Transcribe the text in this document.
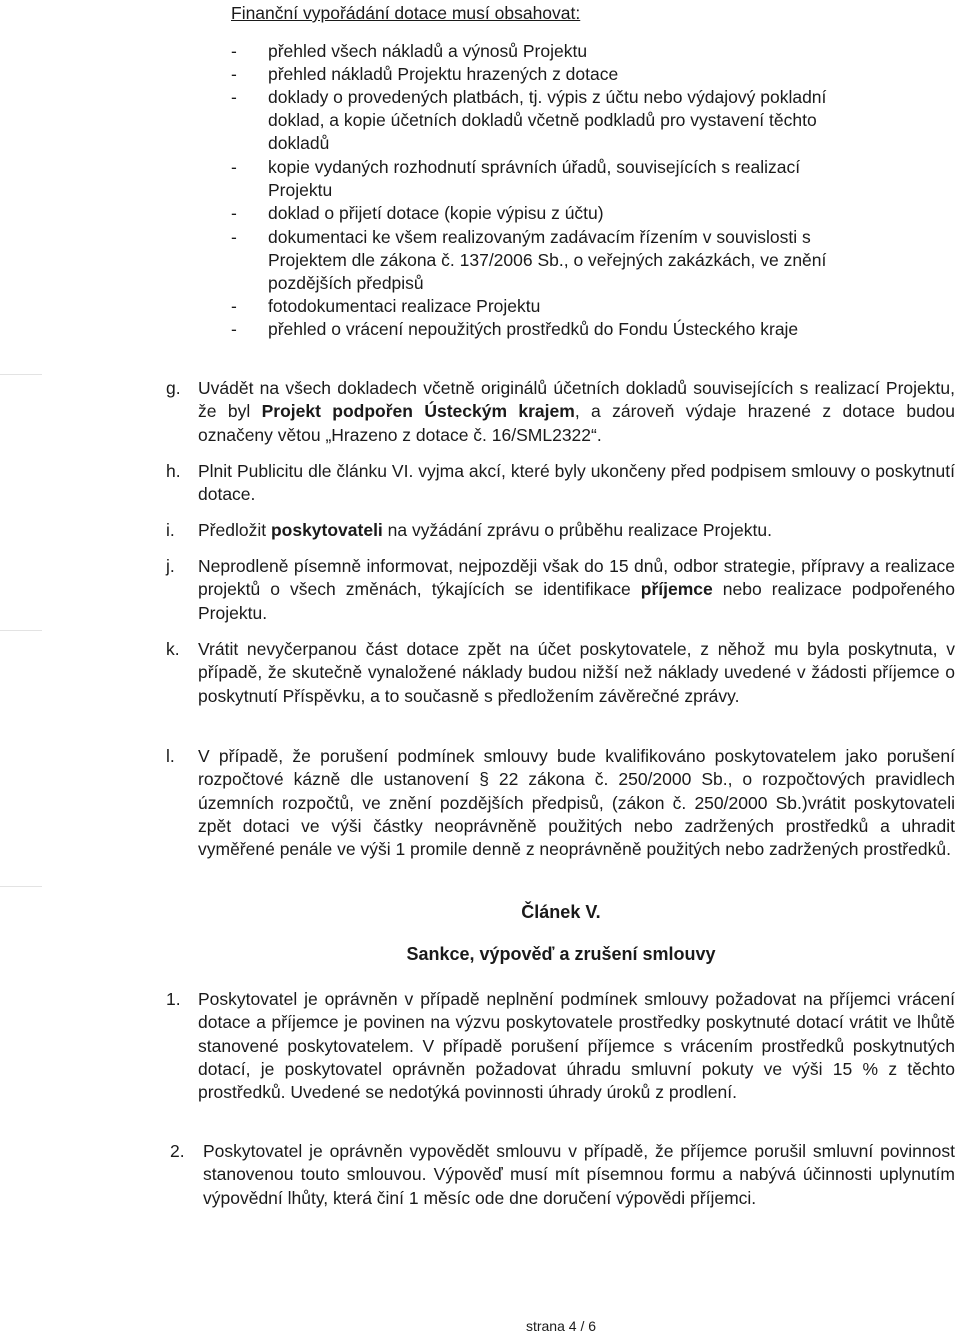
Finanční vypořádání dotace musí obsahovat:
- přehled všech nákladů a výnosů Projektu
- přehled nákladů Projektu hrazených z dotace
- doklady o provedených platbách, tj. výpis z účtu nebo výdajový pokladní
doklad, a kopie účetních dokladů včetně podkladů pro vystavení těchto
dokladů
- kopie vydaných rozhodnutí správních úřadů, souvisejících s realizací
Projektu
- doklad o přijetí dotace (kopie výpisu z účtu)
- dokumentaci ke všem realizovaným zadávacím řízením v souvislosti s
Projektem dle zákona č. 137/2006 Sb., o veřejných zakázkách, ve znění
pozdějších předpisů
- fotodokumentaci realizace Projektu
- přehled o vrácení nepoužitých prostředků do Fondu Ústeckého kraje
g. Uvádět na všech dokladech včetně originálů účetních dokladů souvisejících s realizací Projektu, že byl Projekt podpořen Ústeckým krajem, a zároveň výdaje hrazené z dotace budou označeny větou „Hrazeno z dotace č. 16/SML2322“.
h. Plnit Publicitu dle článku VI. vyjma akcí, které byly ukončeny před podpisem smlouvy o poskytnutí dotace.
i. Předložit poskytovateli na vyžádání zprávu o průběhu realizace Projektu.
j. Neprodleně písemně informovat, nejpozději však do 15 dnů, odbor strategie, přípravy a realizace projektů o všech změnách, týkajících se identifikace příjemce nebo realizace podpořeného Projektu.
k. Vrátit nevyčerpanou část dotace zpět na účet poskytovatele, z něhož mu byla poskytnuta, v případě, že skutečně vynaložené náklady budou nižší než náklady uvedené v žádosti příjemce o poskytnutí Příspěvku, a to současně s předložením závěrečné zprávy.
l. V případě, že porušení podmínek smlouvy bude kvalifikováno poskytovatelem jako porušení rozpočtové kázně dle ustanovení § 22 zákona č. 250/2000 Sb., o rozpočtových pravidlech územních rozpočtů, ve znění pozdějších předpisů, (zákon č. 250/2000 Sb.)vrátit poskytovateli zpět dotaci ve výši částky neoprávněně použitých nebo zadržených prostředků a uhradit vyměřené penále ve výši 1 promile denně z neoprávněně použitých nebo zadržených prostředků.
Článek V.
Sankce, výpověď a zrušení smlouvy
1. Poskytovatel je oprávněn v případě neplnění podmínek smlouvy požadovat na příjemci vrácení dotace a příjemce je povinen na výzvu poskytovatele prostředky poskytnuté dotací vrátit ve lhůtě stanovené poskytovatelem. V případě porušení příjemce s vrácením prostředků poskytnutých dotací, je poskytovatel oprávněn požadovat úhradu smluvní pokuty ve výši 15 % z těchto prostředků. Uvedené se nedotýká povinnosti úhrady úroků z prodlení.
2. Poskytovatel je oprávněn vypovědět smlouvu v případě, že příjemce porušil smluvní povinnost stanovenou touto smlouvou. Výpověď musí mít písemnou formu a nabývá účinnosti uplynutím výpovědní lhůty, která činí 1 měsíc ode dne doručení výpovědi příjemci.
strana 4 / 6
